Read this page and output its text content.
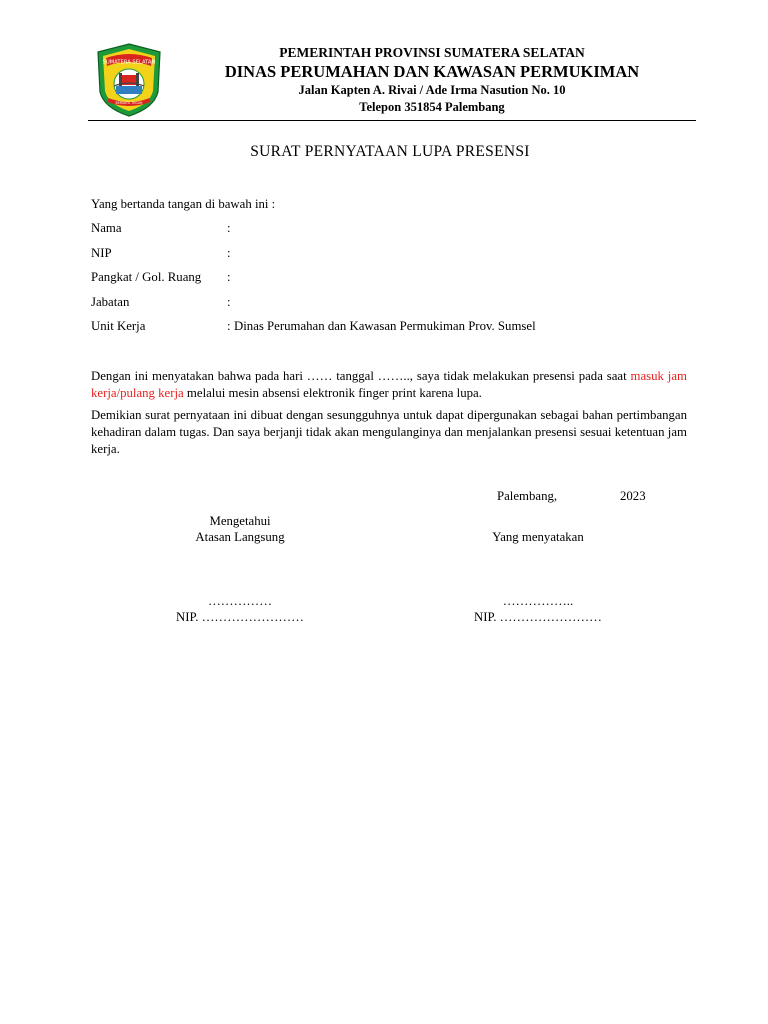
SUMATERA SELATAN
BERSATU TEGUH
PEMERINTAH PROVINSI SUMATERA SELATAN
DINAS PERUMAHAN DAN KAWASAN PERMUKIMAN
Jalan Kapten A. Rivai / Ade Irma Nasution No. 10
Telepon 351854 Palembang
SURAT PERNYATAAN LUPA PRESENSI
Yang bertanda tangan di bawah ini :
Nama	:
NIP	:
Pangkat / Gol. Ruang :
Jabatan	:
Unit Kerja	: Dinas Perumahan dan Kawasan Permukiman Prov. Sumsel
Dengan ini menyatakan bahwa pada hari …… tanggal …….., saya tidak melakukan presensi pada saat masuk jam kerja/pulang kerja melalui mesin absensi elektronik finger print karena lupa.
Demikian surat pernyataan ini dibuat dengan sesungguhnya untuk dapat dipergunakan sebagai bahan pertimbangan kehadiran dalam tugas. Dan saya berjanji tidak akan mengulanginya dan menjalankan presensi sesuai ketentuan jam kerja.
Palembang,	2023
Mengetahui
Atasan Langsung
……………
NIP. ……………………
Yang menyatakan
……………..
NIP. ……………………
